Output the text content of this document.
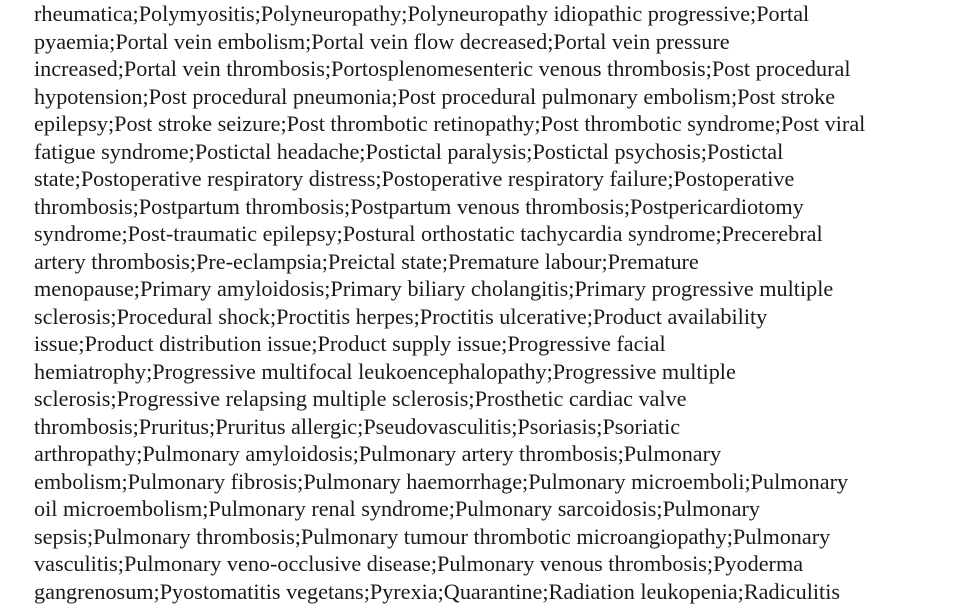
rheumatica;Polymyositis;Polyneuropathy;Polyneuropathy idiopathic progressive;Portal
pyaemia;Portal vein embolism;Portal vein flow decreased;Portal vein pressure
increased;Portal vein thrombosis;Portosplenomesenteric venous thrombosis;Post procedural
hypotension;Post procedural pneumonia;Post procedural pulmonary embolism;Post stroke
epilepsy;Post stroke seizure;Post thrombotic retinopathy;Post thrombotic syndrome;Post viral
fatigue syndrome;Postictal headache;Postictal paralysis;Postictal psychosis;Postictal
state;Postoperative respiratory distress;Postoperative respiratory failure;Postoperative
thrombosis;Postpartum thrombosis;Postpartum venous thrombosis;Postpericardiotomy
syndrome;Post-traumatic epilepsy;Postural orthostatic tachycardia syndrome;Precerebral
artery thrombosis;Pre-eclampsia;Preictal state;Premature labour;Premature
menopause;Primary amyloidosis;Primary biliary cholangitis;Primary progressive multiple
sclerosis;Procedural shock;Proctitis herpes;Proctitis ulcerative;Product availability
issue;Product distribution issue;Product supply issue;Progressive facial
hemiatrophy;Progressive multifocal leukoencephalopathy;Progressive multiple
sclerosis;Progressive relapsing multiple sclerosis;Prosthetic cardiac valve
thrombosis;Pruritus;Pruritus allergic;Pseudovasculitis;Psoriasis;Psoriatic
arthropathy;Pulmonary amyloidosis;Pulmonary artery thrombosis;Pulmonary
embolism;Pulmonary fibrosis;Pulmonary haemorrhage;Pulmonary microemboli;Pulmonary
oil microembolism;Pulmonary renal syndrome;Pulmonary sarcoidosis;Pulmonary
sepsis;Pulmonary thrombosis;Pulmonary tumour thrombotic microangiopathy;Pulmonary
vasculitis;Pulmonary veno-occlusive disease;Pulmonary venous thrombosis;Pyoderma
gangrenosum;Pyostomatitis vegetans;Pyrexia;Quarantine;Radiation leukopenia;Radiculitis
